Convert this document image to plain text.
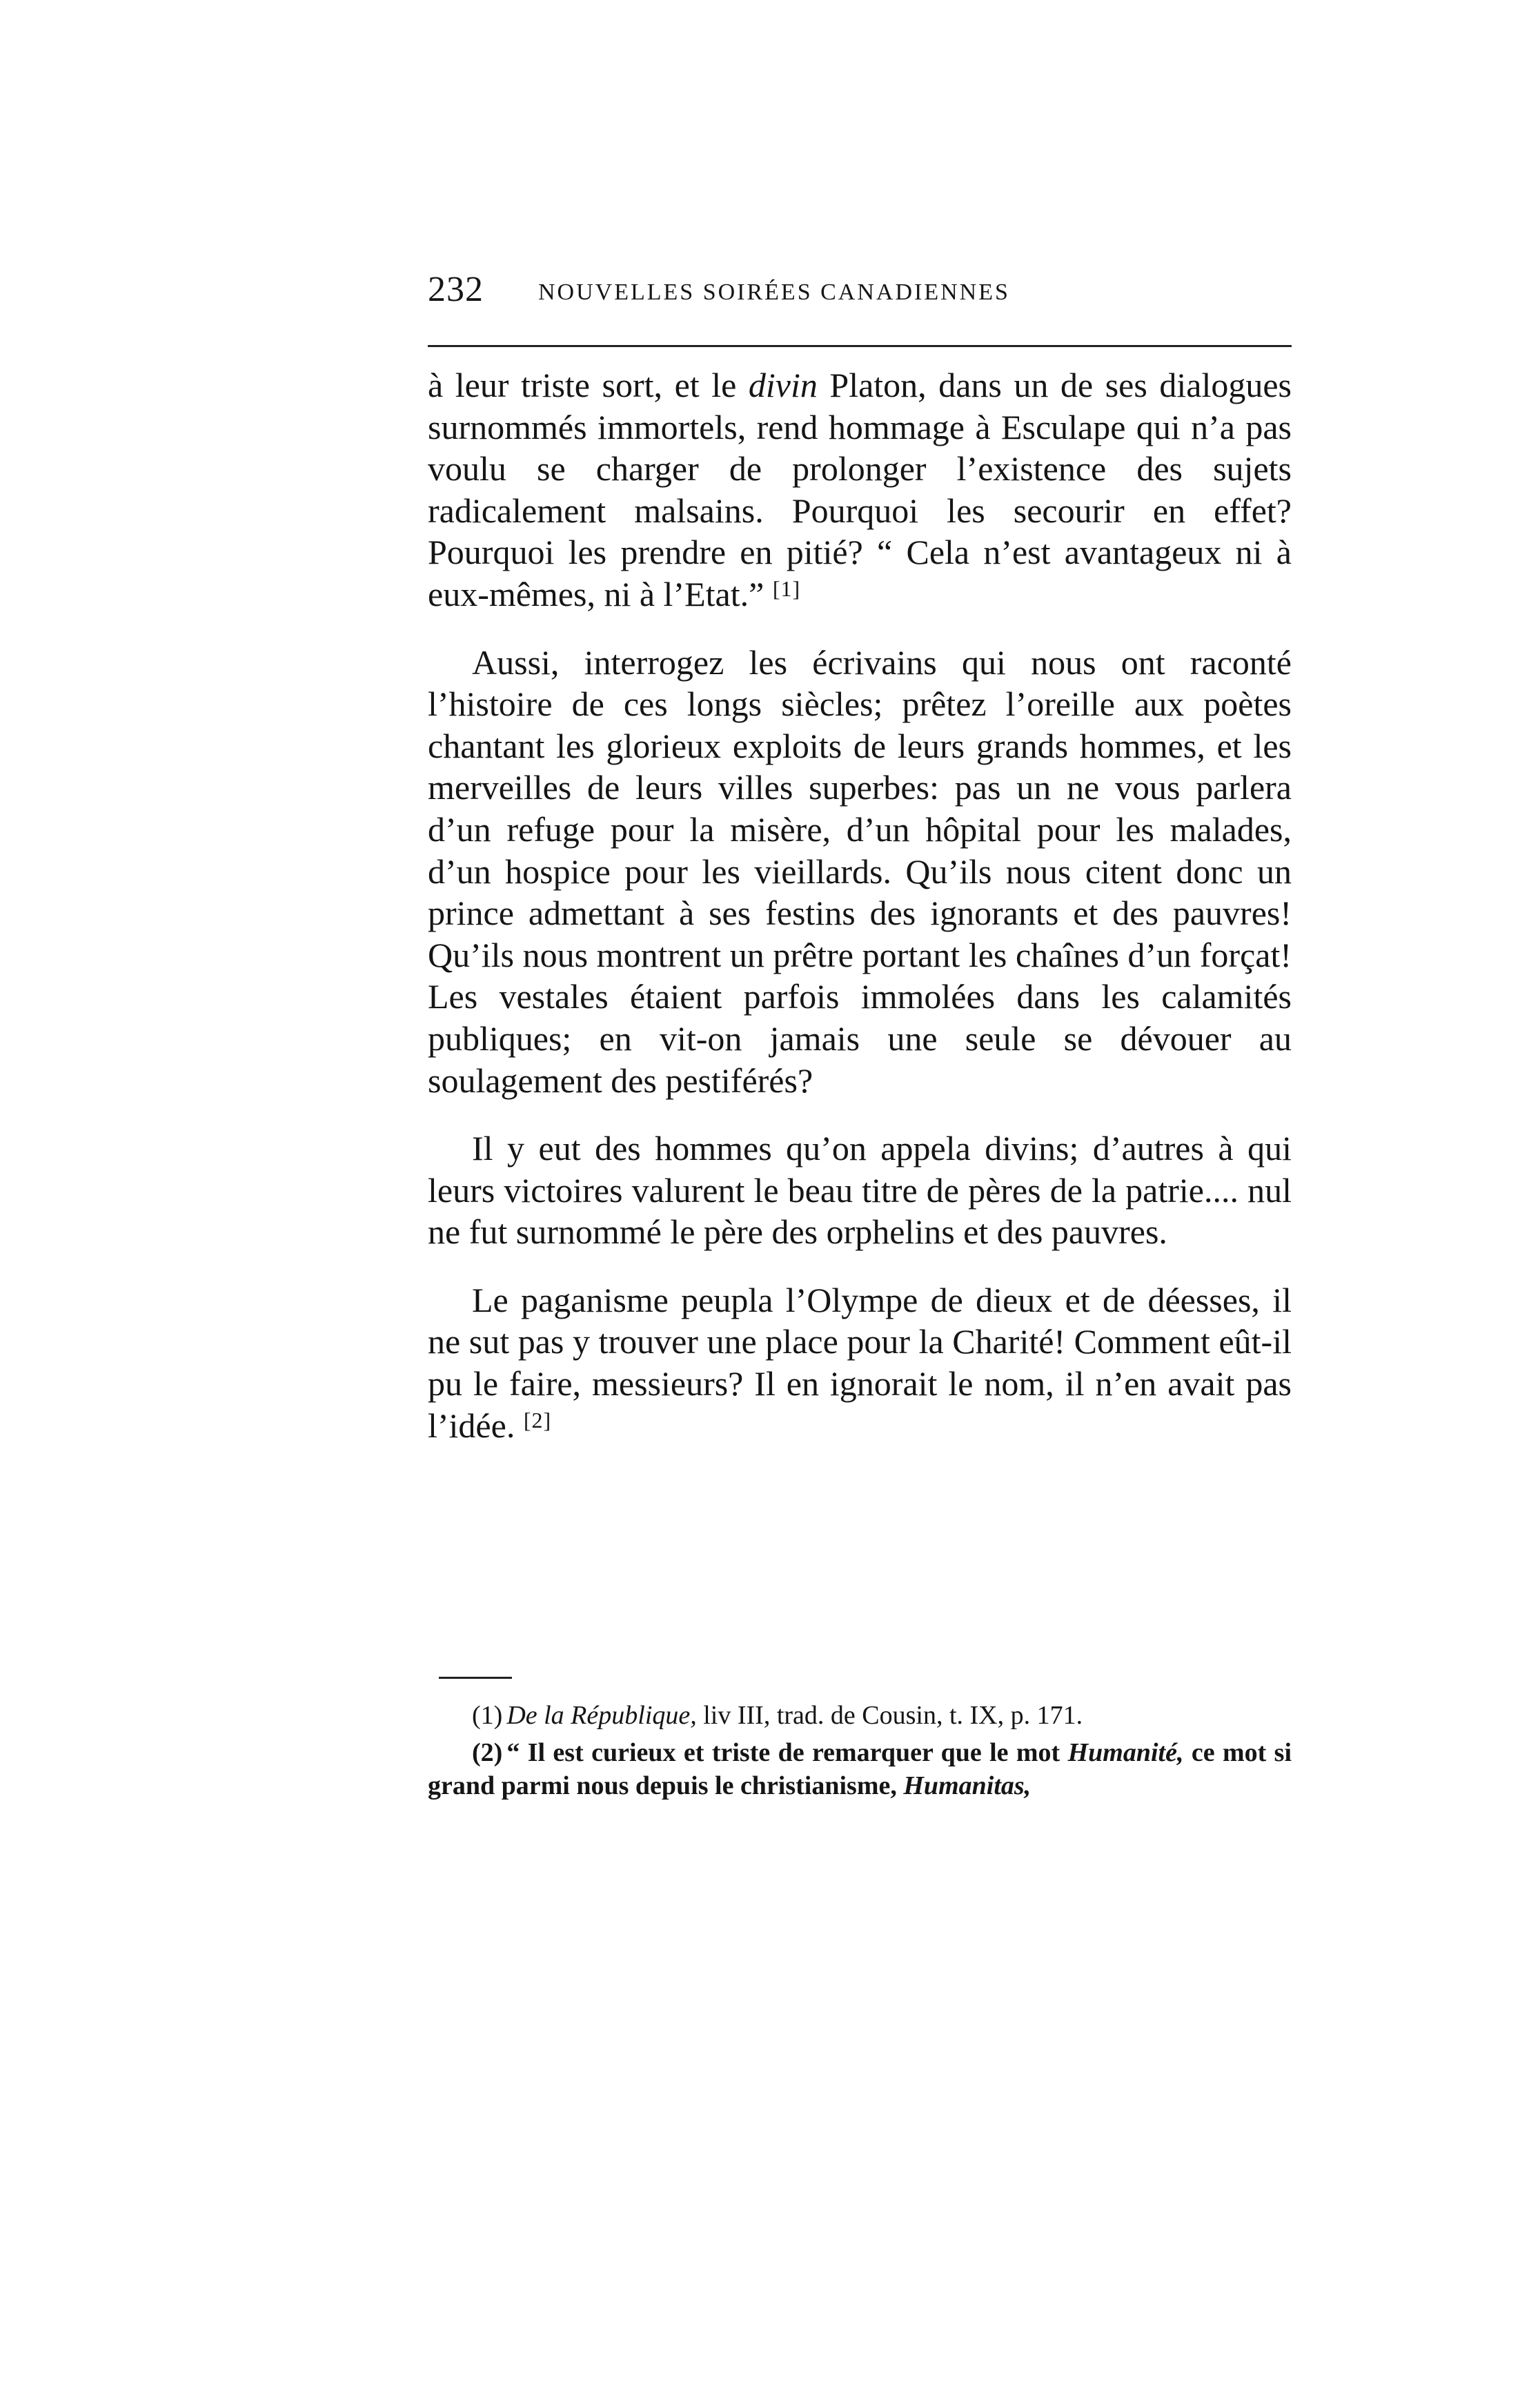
232 NOUVELLES SOIRÉES CANADIENNES

à leur triste sort, et le divin Platon, dans un de ses dialogues surnommés immortels, rend hommage à Esculape qui n’a pas voulu se charger de prolonger l’existence des sujets radicalement malsains. Pourquoi les secourir en effet? Pourquoi les prendre en pitié? “ Cela n’est avantageux ni à eux-mêmes, ni à l’Etat.” [1]

Aussi, interrogez les écrivains qui nous ont raconté l’histoire de ces longs siècles; prêtez l’oreille aux poètes chantant les glorieux exploits de leurs grands hommes, et les merveilles de leurs villes superbes: pas un ne vous parlera d’un refuge pour la misère, d’un hôpital pour les malades, d’un hospice pour les vieillards. Qu’ils nous citent donc un prince admettant à ses festins des ignorants et des pauvres! Qu’ils nous montrent un prêtre portant les chaînes d’un forçat! Les vestales étaient parfois immolées dans les calamités publiques; en vit-on jamais une seule se dévouer au soulagement des pestiférés?

Il y eut des hommes qu’on appela divins; d’autres à qui leurs victoires valurent le beau titre de pères de la patrie.... nul ne fut surnommé le père des orphelins et des pauvres.

Le paganisme peupla l’Olympe de dieux et de déesses, il ne sut pas y trouver une place pour la Charité! Comment eût-il pu le faire, messieurs? Il en ignorait le nom, il n’en avait pas l’idée. [2]

(1) De la République, liv III, trad. de Cousin, t. IX, p. 171.

(2) “ Il est curieux et triste de remarquer que le mot Humanité, ce mot si grand parmi nous depuis le christianisme, Humanitas,
